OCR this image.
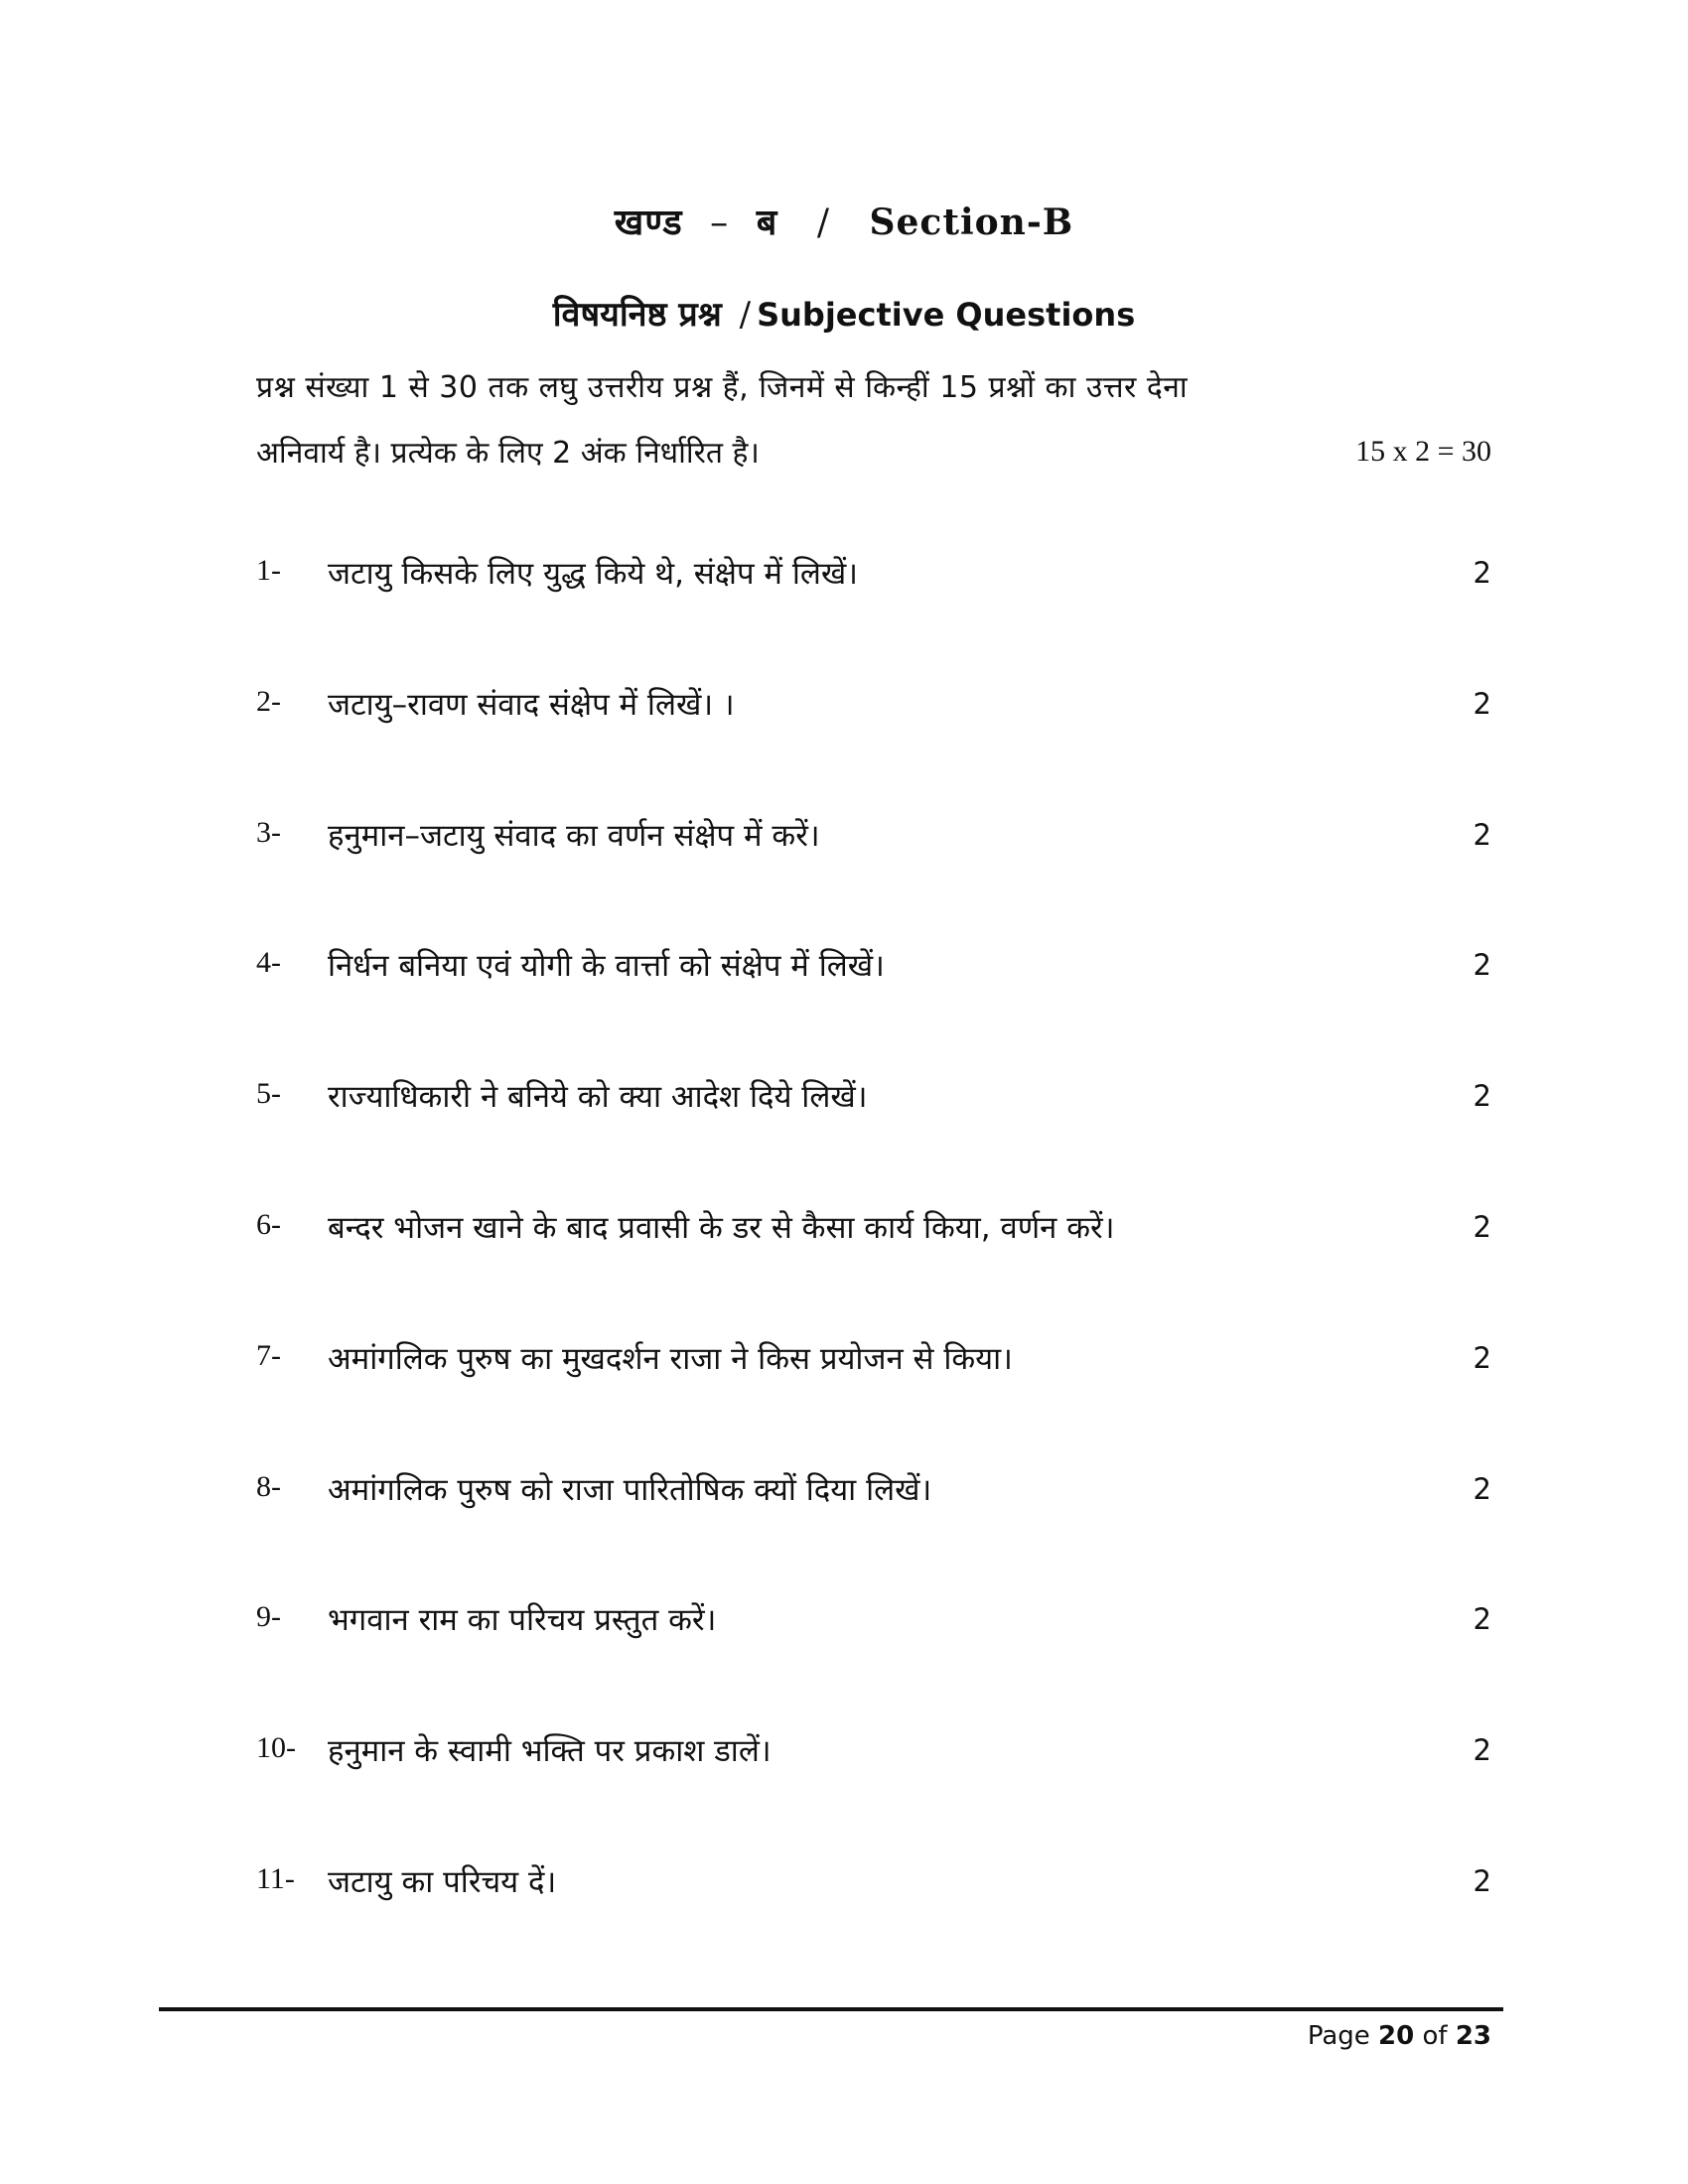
खण्ड – ब / Section-B
विषयनिष्ठ प्रश्न / Subjective Questions
प्रश्न संख्या 1 से 30 तक लघु उत्तरीय प्रश्न हैं, जिनमें से किन्हीं 15 प्रश्नों का उत्तर देना
अनिवार्य है। प्रत्येक के लिए 2 अंक निर्धारित है।	15 x 2 = 30
1- जटायु किसके लिए युद्ध किये थे, संक्षेप में लिखें।	2
2- जटायु–रावण संवाद संक्षेप में लिखें। ।	2
3- हनुमान–जटायु संवाद का वर्णन संक्षेप में करें।	2
4- निर्धन बनिया एवं योगी के वार्त्ता को संक्षेप में लिखें।	2
5- राज्याधिकारी ने बनिये को क्या आदेश दिये लिखें।	2
6- बन्दर भोजन खाने के बाद प्रवासी के डर से कैसा कार्य किया, वर्णन करें।	2
7- अमांगलिक पुरुष का मुखदर्शन राजा ने किस प्रयोजन से किया।	2
8- अमांगलिक पुरुष को राजा पारितोषिक क्यों दिया लिखें।	2
9- भगवान राम का परिचय प्रस्तुत करें।	2
10- हनुमान के स्वामी भक्ति पर प्रकाश डालें।	2
11- जटायु का परिचय दें।	2
Page 20 of 23
